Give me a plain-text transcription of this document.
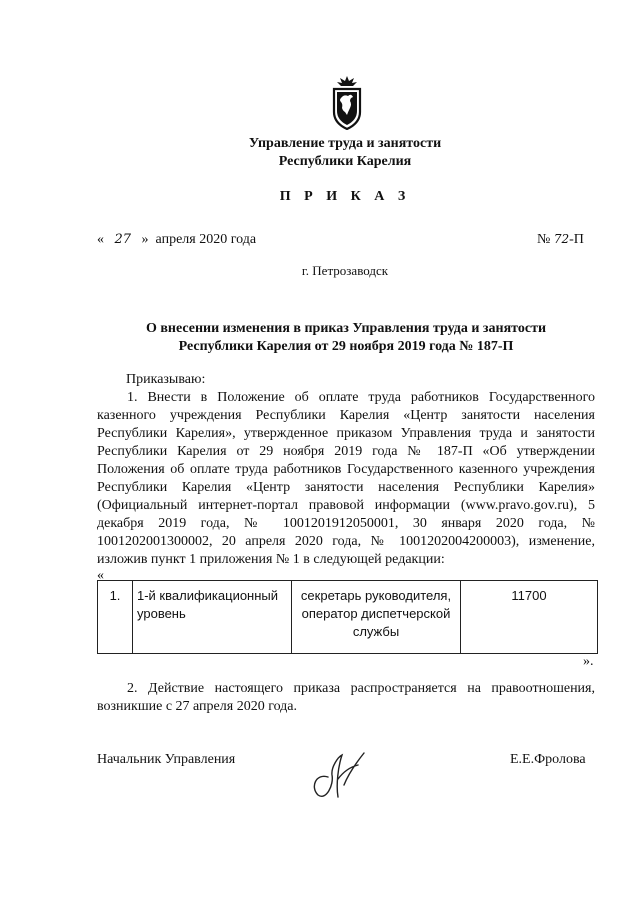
Управление труда и занятости
Республики Карелия
П Р И К А З
« 27 » апреля 2020 года	№ 72-П
г. Петрозаводск
О внесении изменения в приказ Управления труда и занятости
Республики Карелия от 29 ноября 2019 года № 187-П
Приказываю:
1. Внести в Положение об оплате труда работников Государственного казенного учреждения Республики Карелия «Центр занятости населения Республики Карелия», утвержденное приказом Управления труда и занятости Республики Карелия от 29 ноября 2019 года № 187-П «Об утверждении Положения об оплате труда работников Государственного казенного учреждения Республики Карелия «Центр занятости населения Республики Карелия» (Официальный интернет-портал правовой информации (www.pravo.gov.ru), 5 декабря 2019 года, № 1001201912050001, 30 января 2020 года, № 1001202001300002, 20 апреля 2020 года, № 1001202004200003), изменение, изложив пункт 1 приложения № 1 в следующей редакции:
«
1.	1-й квалификационный уровень	секретарь руководителя, оператор диспетчерской службы	11700
».
2. Действие настоящего приказа распространяется на правоотношения, возникшие с 27 апреля 2020 года.
Начальник Управления	Е.Е.Фролова
